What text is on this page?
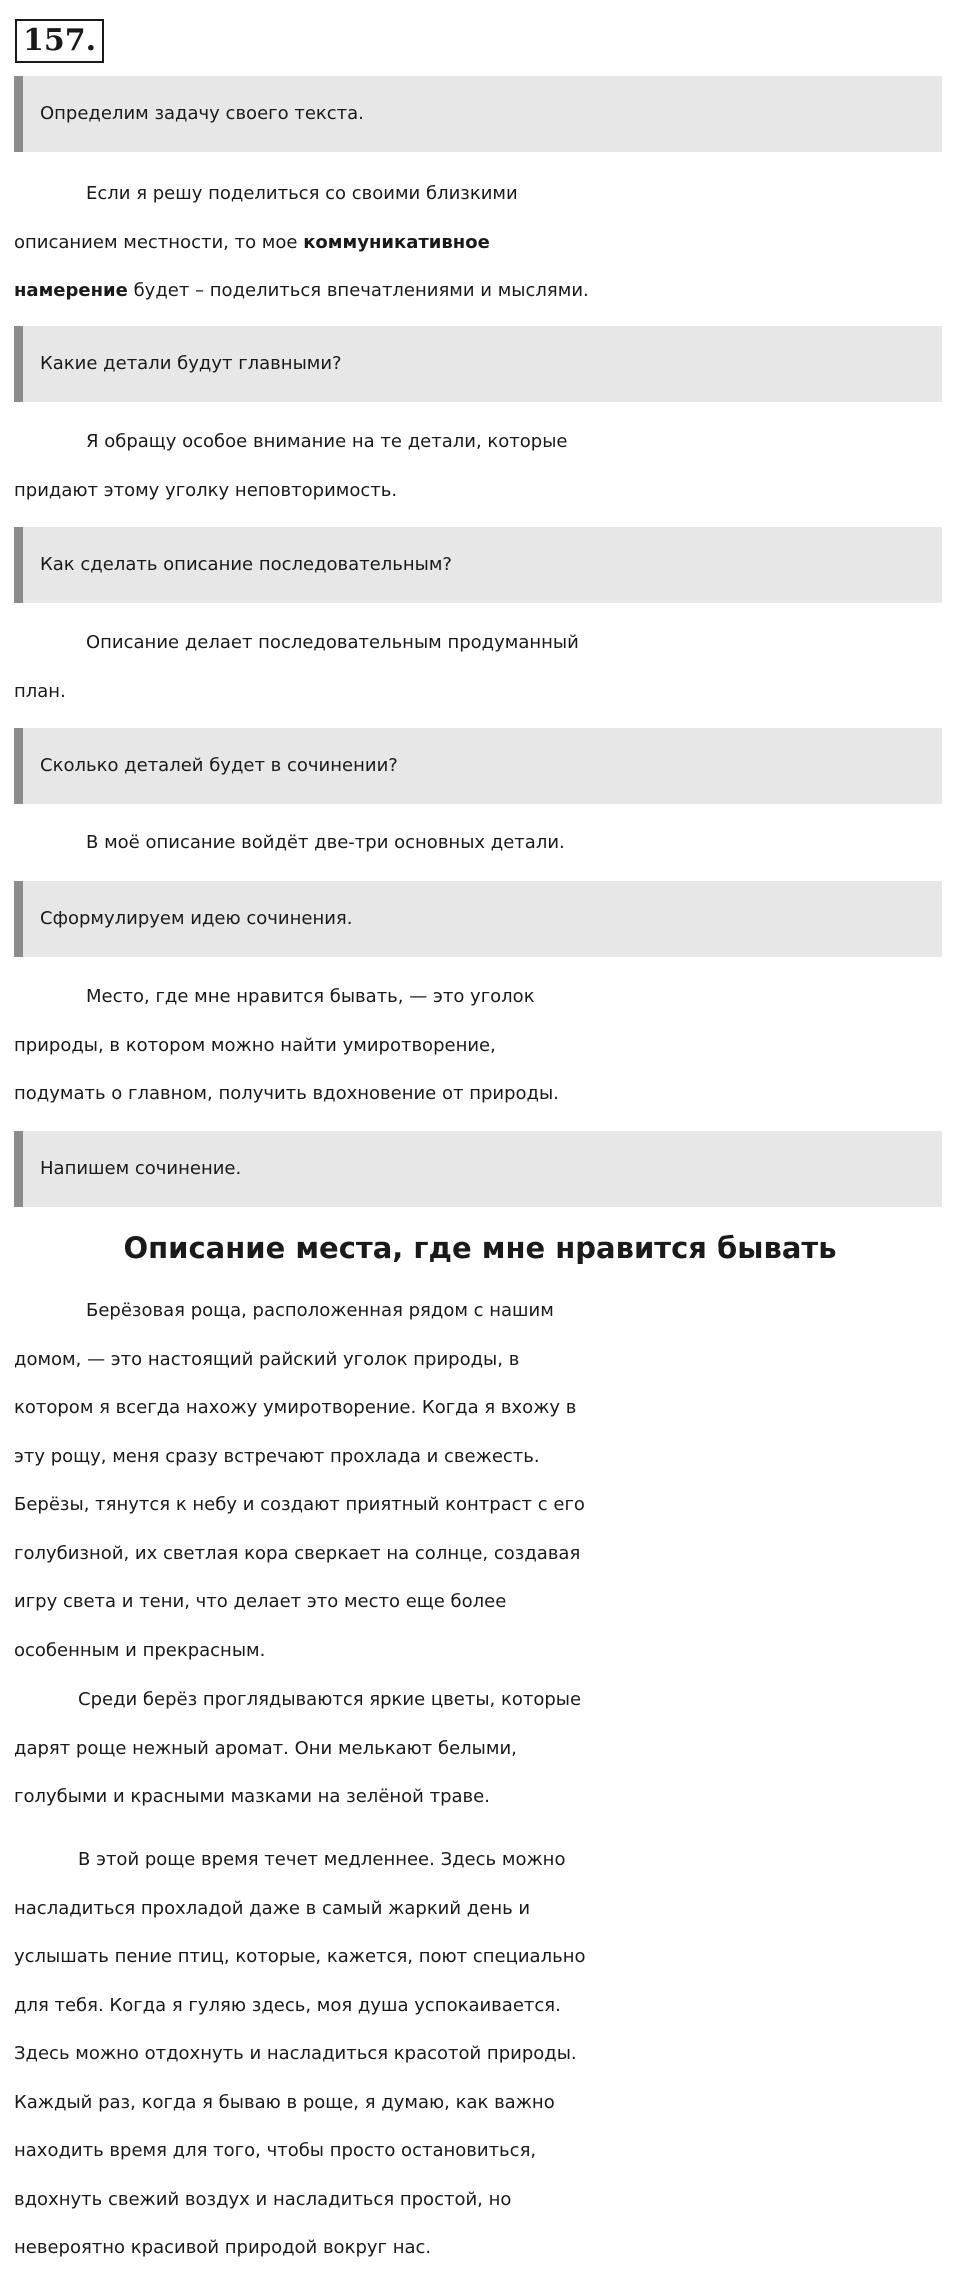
157.
Определим задачу своего текста.

Если я решу поделиться со своими близкими
описанием местности, то мое коммуникативное
намерение будет – поделиться впечатлениями и мыслями.

Какие детали будут главными?

Я обращу особое внимание на те детали, которые
придают этому уголку неповторимость.

Как сделать описание последовательным?

Описание делает последовательным продуманный
план.

Сколько деталей будет в сочинении?

В моё описание войдёт две-три основных детали.

Сформулируем идею сочинения.

Место, где мне нравится бывать, — это уголок
природы, в котором можно найти умиротворение,
подумать о главном, получить вдохновение от природы.

Напишем сочинение.
Описание места, где мне нравится бывать

Берёзовая роща, расположенная рядом с нашим
домом, — это настоящий райский уголок природы, в
котором я всегда нахожу умиротворение. Когда я вхожу в
эту рощу, меня сразу встречают прохлада и свежесть.
Берёзы, тянутся к небу и создают приятный контраст с его
голубизной, их светлая кора сверкает на солнце, создавая
игру света и тени, что делает это место еще более
особенным и прекрасным.

Среди берёз проглядываются яркие цветы, которые
дарят роще нежный аромат. Они мелькают белыми,
голубыми и красными мазками на зелёной траве.

В этой роще время течет медленнее. Здесь можно
насладиться прохладой даже в самый жаркий день и
услышать пение птиц, которые, кажется, поют специально
для тебя. Когда я гуляю здесь, моя душа успокаивается.
Здесь можно отдохнуть и насладиться красотой природы.
Каждый раз, когда я бываю в роще, я думаю, как важно
находить время для того, чтобы просто остановиться,
вдохнуть свежий воздух и насладиться простой, но
невероятно красивой природой вокруг нас.
